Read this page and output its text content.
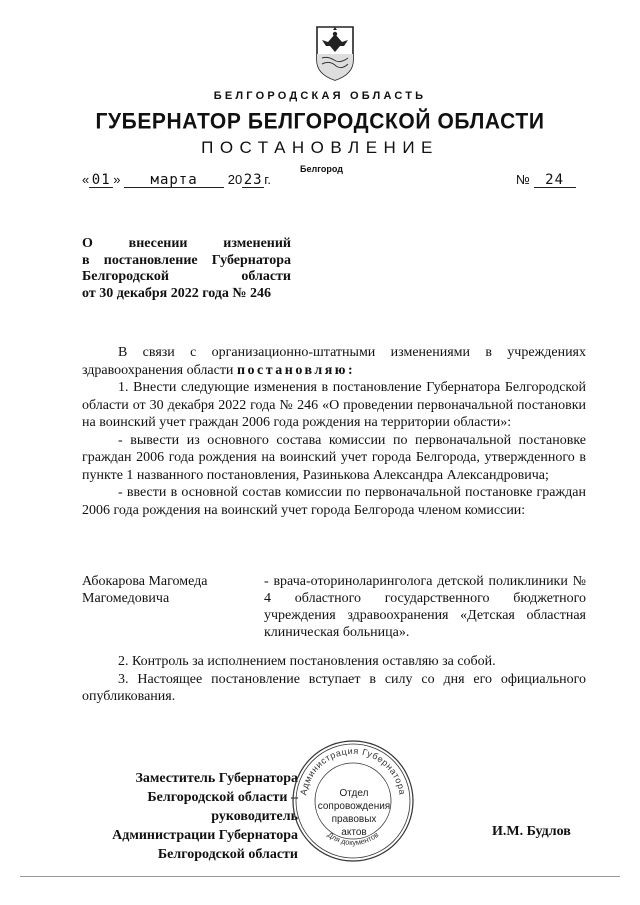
БЕЛГОРОДСКАЯ ОБЛАСТЬ
ГУБЕРНАТОР БЕЛГОРОДСКОЙ ОБЛАСТИ
ПОСТАНОВЛЕНИЕ
Белгород
« 01 » марта 20 23 г.	№ 24
О внесении изменений
в постановление Губернатора
Белгородской области
от 30 декабря 2022 года № 246

В связи с организационно-штатными изменениями в учреждениях здравоохранения области постановляю:

1. Внести следующие изменения в постановление Губернатора Белгородской области от 30 декабря 2022 года № 246 «О проведении первоначальной постановки на воинский учет граждан 2006 года рождения на территории области»:

- вывести из основного состава комиссии по первоначальной постановке граждан 2006 года рождения на воинский учет города Белгорода, утвержденного в пункте 1 названного постановления, Разинькова Александра Александровича;

- ввести в основной состав комиссии по первоначальной постановке граждан 2006 года рождения на воинский учет города Белгорода членом комиссии:

Абокарова Магомеда Магомедовича
- врача-оториноларинголога детской поликлиники № 4 областного государственного бюджетного учреждения здравоохранения «Детская областная клиническая больница».

2. Контроль за исполнением постановления оставляю за собой.

3. Настоящее постановление вступает в силу со дня его официального опубликования.

Заместитель Губернатора
Белгородской области – руководитель
Администрации Губернатора
Белгородской области
И.М. Будлов
Администрация Губернатора
Для документов
Отдел
сопровождения
правовых
актов
